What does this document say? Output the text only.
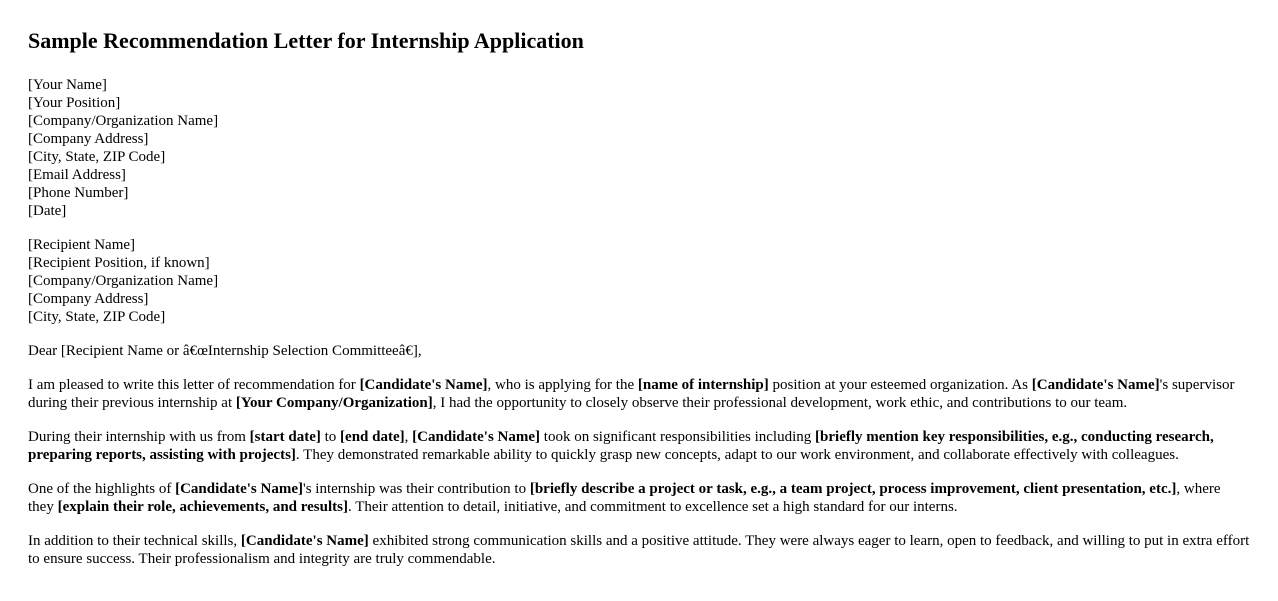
Sample Recommendation Letter for Internship Application
[Your Name]
[Your Position]
[Company/Organization Name]
[Company Address]
[City, State, ZIP Code]
[Email Address]
[Phone Number]
[Date]
[Recipient Name]
[Recipient Position, if known]
[Company/Organization Name]
[Company Address]
[City, State, ZIP Code]

Dear [Recipient Name or â€œInternship Selection Committeeâ€],

I am pleased to write this letter of recommendation for [Candidate's Name], who is applying for the [name of internship] position at your esteemed organization. As [Candidate's Name]'s supervisor during their previous internship at [Your Company/Organization], I had the opportunity to closely observe their professional development, work ethic, and contributions to our team.

During their internship with us from [start date] to [end date], [Candidate's Name] took on significant responsibilities including [briefly mention key responsibilities, e.g., conducting research, preparing reports, assisting with projects]. They demonstrated remarkable ability to quickly grasp new concepts, adapt to our work environment, and collaborate effectively with colleagues.

One of the highlights of [Candidate's Name]'s internship was their contribution to [briefly describe a project or task, e.g., a team project, process improvement, client presentation, etc.], where they [explain their role, achievements, and results]. Their attention to detail, initiative, and commitment to excellence set a high standard for our interns.

In addition to their technical skills, [Candidate's Name] exhibited strong communication skills and a positive attitude. They were always eager to learn, open to feedback, and willing to put in extra effort to ensure success. Their professionalism and integrity are truly commendable.
